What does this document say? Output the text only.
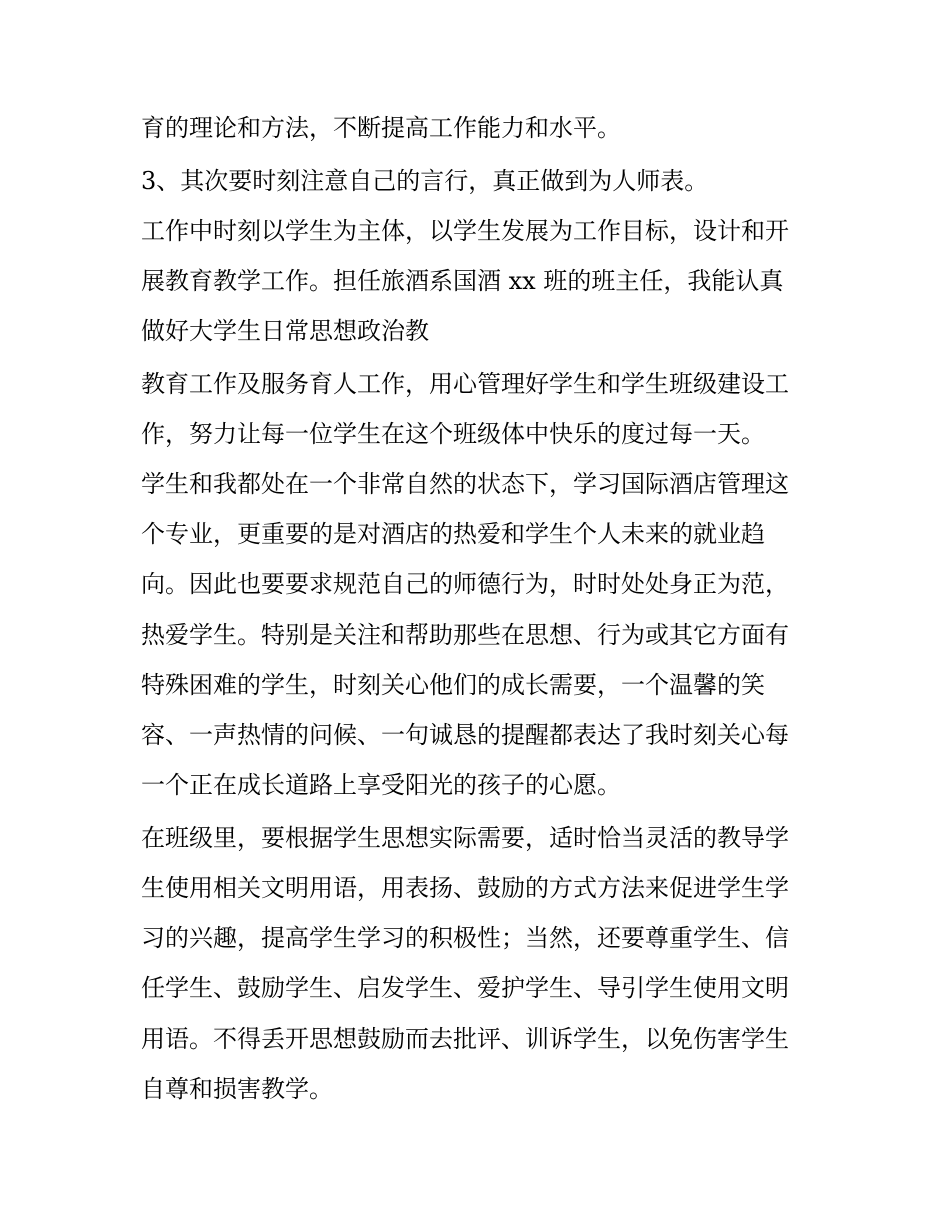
育的理论和方法，不断提高工作能力和水平。

3、其次要时刻注意自己的言行，真正做到为人师表。

工作中时刻以学生为主体，以学生发展为工作目标，设计和开

展教育教学工作。担任旅酒系国酒 xx 班的班主任，我能认真

做好大学生日常思想政治教

教育工作及服务育人工作，用心管理好学生和学生班级建设工

作，努力让每一位学生在这个班级体中快乐的度过每一天。

学生和我都处在一个非常自然的状态下，学习国际酒店管理这

个专业，更重要的是对酒店的热爱和学生个人未来的就业趋

向。因此也要要求规范自己的师德行为，时时处处身正为范，

热爱学生。特别是关注和帮助那些在思想、行为或其它方面有

特殊困难的学生，时刻关心他们的成长需要，一个温馨的笑

容、一声热情的问候、一句诚恳的提醒都表达了我时刻关心每

一个正在成长道路上享受阳光的孩子的心愿。

在班级里，要根据学生思想实际需要，适时恰当灵活的教导学

生使用相关文明用语，用表扬、鼓励的方式方法来促进学生学

习的兴趣，提高学生学习的积极性；当然，还要尊重学生、信

任学生、鼓励学生、启发学生、爱护学生、导引学生使用文明

用语。不得丢开思想鼓励而去批评、训诉学生，以免伤害学生

自尊和损害教学。
